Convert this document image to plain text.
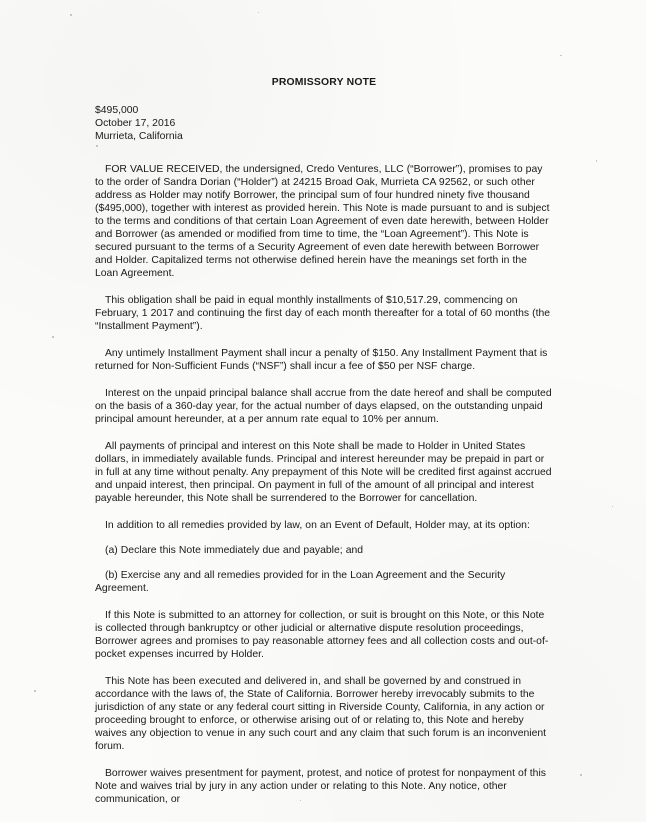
PROMISSORY NOTE
$495,000
October 17, 2016
Murrieta, California

FOR VALUE RECEIVED, the undersigned, Credo Ventures, LLC (“Borrower”), promises to pay to the order of Sandra Dorian (“Holder”) at 24215 Broad Oak, Murrieta CA 92562, or such other address as Holder may notify Borrower, the principal sum of four hundred ninety five thousand ($495,000), together with interest as provided herein. This Note is made pursuant to and is subject to the terms and conditions of that certain Loan Agreement of even date herewith, between Holder and Borrower (as amended or modified from time to time, the “Loan Agreement”). This Note is secured pursuant to the terms of a Security Agreement of even date herewith between Borrower and Holder. Capitalized terms not otherwise defined herein have the meanings set forth in the Loan Agreement.

This obligation shall be paid in equal monthly installments of $10,517.29, commencing on February, 1 2017 and continuing the first day of each month thereafter for a total of 60 months (the “Installment Payment”).

Any untimely Installment Payment shall incur a penalty of $150. Any Installment Payment that is returned for Non-Sufficient Funds (“NSF”) shall incur a fee of $50 per NSF charge.

Interest on the unpaid principal balance shall accrue from the date hereof and shall be computed on the basis of a 360-day year, for the actual number of days elapsed, on the outstanding unpaid principal amount hereunder, at a per annum rate equal to 10% per annum.

All payments of principal and interest on this Note shall be made to Holder in United States dollars, in immediately available funds. Principal and interest hereunder may be prepaid in part or in full at any time without penalty. Any prepayment of this Note will be credited first against accrued and unpaid interest, then principal. On payment in full of the amount of all principal and interest payable hereunder, this Note shall be surrendered to the Borrower for cancellation.

In addition to all remedies provided by law, on an Event of Default, Holder may, at its option:

(a) Declare this Note immediately due and payable; and

(b) Exercise any and all remedies provided for in the Loan Agreement and the Security Agreement.

If this Note is submitted to an attorney for collection, or suit is brought on this Note, or this Note is collected through bankruptcy or other judicial or alternative dispute resolution proceedings, Borrower agrees and promises to pay reasonable attorney fees and all collection costs and out-of-pocket expenses incurred by Holder.

This Note has been executed and delivered in, and shall be governed by and construed in accordance with the laws of, the State of California. Borrower hereby irrevocably submits to the jurisdiction of any state or any federal court sitting in Riverside County, California, in any action or proceeding brought to enforce, or otherwise arising out of or relating to, this Note and hereby waives any objection to venue in any such court and any claim that such forum is an inconvenient forum.

Borrower waives presentment for payment, protest, and notice of protest for nonpayment of this Note and waives trial by jury in any action under or relating to this Note. Any notice, other communication, or
